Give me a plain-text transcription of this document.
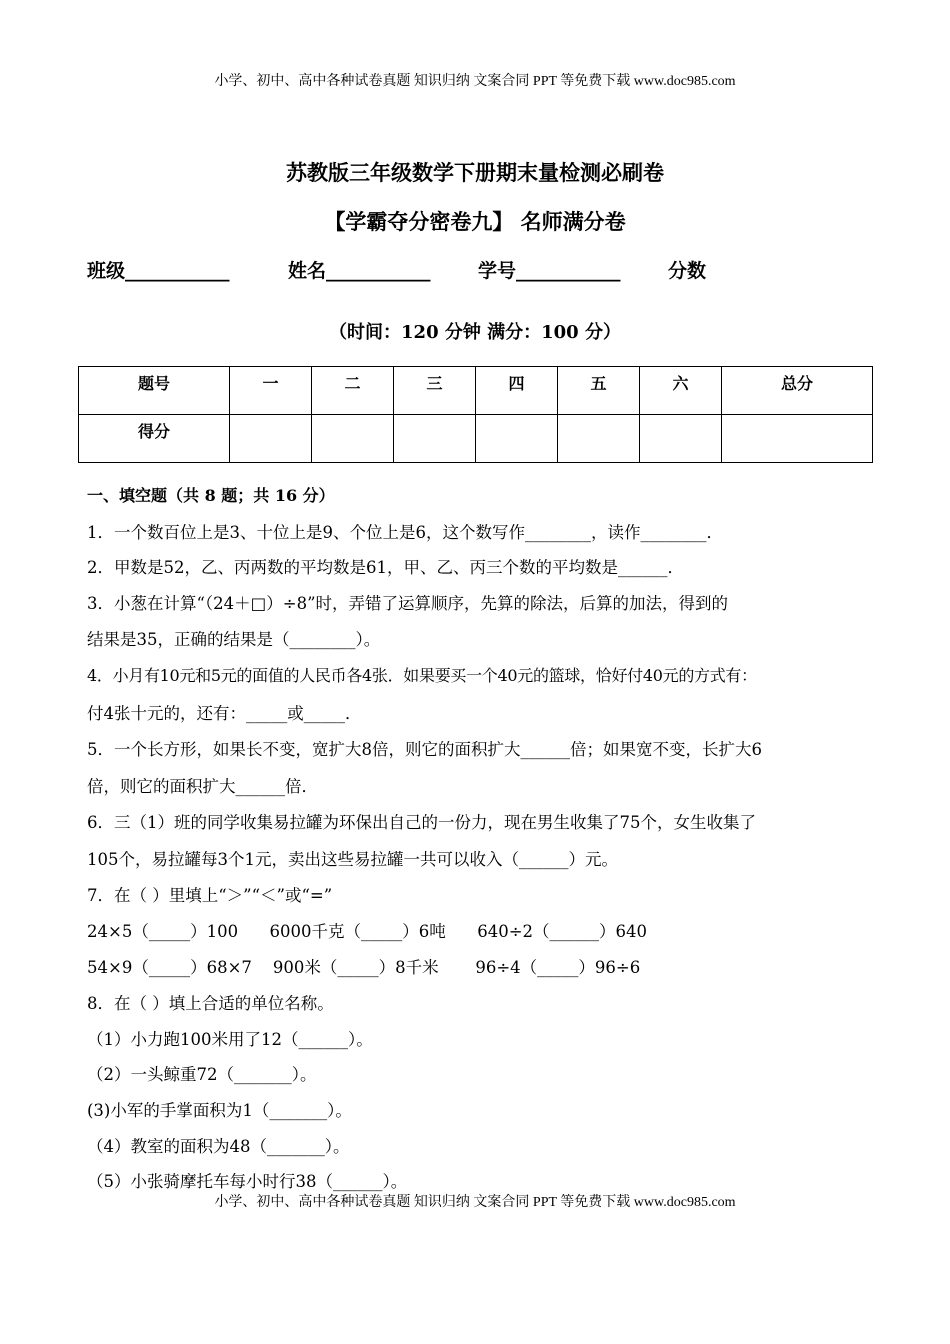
小学、初中、高中各种试卷真题 知识归纳 文案合同 PPT 等免费下载 www.doc985.com
苏教版三年级数学下册期末量检测必刷卷
【学霸夺分密卷九】 名师满分卷
班级___________	姓名___________ 学号___________ 分数
（时间：120 分钟 满分：100 分）
题号	一	二	三	四	五	六	总分
得分							
一、填空题（共 8 题；共 16 分）
1．一个数百位上是3、十位上是9、个位上是6，这个数写作________，读作________．
2．甲数是52，乙、丙两数的平均数是61，甲、乙、丙三个数的平均数是______．
3．小葱在计算“（24＋□）÷8”时，弄错了运算顺序，先算的除法，后算的加法，得到的
结果是35，正确的结果是（________）。
4．小月有10元和5元的面值的人民币各4张．如果要买一个40元的篮球，恰好付40元的方式有：
付4张十元的，还有：_____或_____．
5．一个长方形，如果长不变，宽扩大8倍，则它的面积扩大______倍；如果宽不变，长扩大6
倍，则它的面积扩大______倍．
6．三（1）班的同学收集易拉罐为环保出自己的一份力，现在男生收集了75个，女生收集了
105个，易拉罐每3个1元，卖出这些易拉罐一共可以收入（______）元。
7．在（ ）里填上“＞”“＜”或“=”
24×5（_____）100      6000千克（_____）6吨      640÷2（______）640
54×9（_____）68×7    900米（_____）8千米       96÷4（_____）96÷6
8．在（ ）填上合适的单位名称。
（1）小力跑100米用了12（______）。
（2）一头鲸重72（_______）。
(3)小军的手掌面积为1（_______）。
（4）教室的面积为48（_______）。
（5）小张骑摩托车每小时行38（______）。
小学、初中、高中各种试卷真题 知识归纳 文案合同 PPT 等免费下载 www.doc985.com
